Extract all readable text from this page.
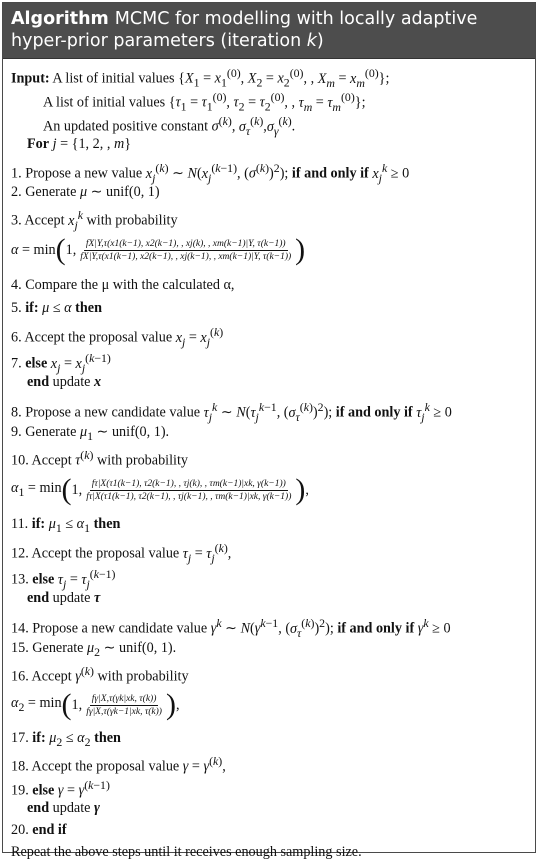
Algorithm MCMC for modelling with locally adaptive
hyper-prior parameters (iteration k)
Input: A list of initial values {$X_1 = x_1^{(0)}$, $X_2 = x_2^{(0)}$, , $X_m = x_m^{(0)}$};
A list of initial values {$\tau_1 = \tau_1^{(0)}$, $\tau_2 = \tau_2^{(0)}$, , $\tau_m = \tau_m^{(0)}$};
An updated positive constant $\sigma^{(k)}$, $\sigma_\tau^{(k)},\sigma_\gamma^{(k)}$.
For j = {1, 2, , m}
1. Propose a new value $x_j^{(k)}$ ∼ $N(x_j^{(k-1)}$, $(\sigma^{(k)})^2$); if and only if $x_j^k \ge 0$
2. Generate μ ∼ unif(0, 1)
3. Accept $x_j^k$ with probability
α = min ( 1, $\frac{fX|Y,\tau(x1(k-1), x2(k-1), , xj(k), , xm(k-1)|Y, \tau(k-1))}{fX|Y,\tau(x1(k-1), x2(k-1), , xj(k-1), , xm(k-1)|Y, \tau(k-1))}$ )
4. Compare the μ with the calculated α,
5. if: μ ≤ α then
6. Accept the proposal value $x_j = x_j^{(k)}$
7. else $x_j = x_j^{(k-1)}$
end update x
8. Propose a new candidate value $\tau_j^k$ ∼ $N(\tau_j^{k-1}$, $(\sigma_\tau^{(k)})^2$); if and only if $\tau_j^k \ge 0$
9. Generate $\mu_1$ ∼ unif(0, 1).
10. Accept $\tau^{(k)}$ with probability
$\alpha_1 = \min$ ( 1, $\frac{f\tau|X(\tau 1(k-1), \tau 2(k-1), , \tau j(k), , \tau m(k-1)|xk, \gamma(k-1))}{f\tau|X(\tau 1(k-1), \tau 2(k-1), , \tau j(k-1), , \tau m(k-1)|xk, \gamma(k-1))}$ ) ,
11. if: $\mu_1 \le \alpha_1$ then
12. Accept the proposal value $\tau_j = \tau_j^{(k)}$,
13. else $\tau_j = \tau_j^{(k-1)}$
end update τ
14. Propose a new candidate value $\gamma^k$ ∼ $N(\gamma^{k-1}$, $(\sigma_\tau^{(k)})^2$); if and only if $\gamma^k \ge 0$
15. Generate $\mu_2$ ∼ unif(0, 1).
16. Accept $\gamma^{(k)}$ with probability
$\alpha_2 = \min$ ( 1, $\frac{f\gamma|X,\tau(\gamma k|xk, \tau(k))}{f\gamma|X,\tau(\gamma k-1|xk, \tau(k))}$ ) ,
17. if: $\mu_2 \le \alpha_2$ then
18. Accept the proposal value $\gamma = \gamma^{(k)}$,
19. else $\gamma = \gamma^{(k-1)}$
end update γ
20. end if
Repeat the above steps until it receives enough sampling size.
